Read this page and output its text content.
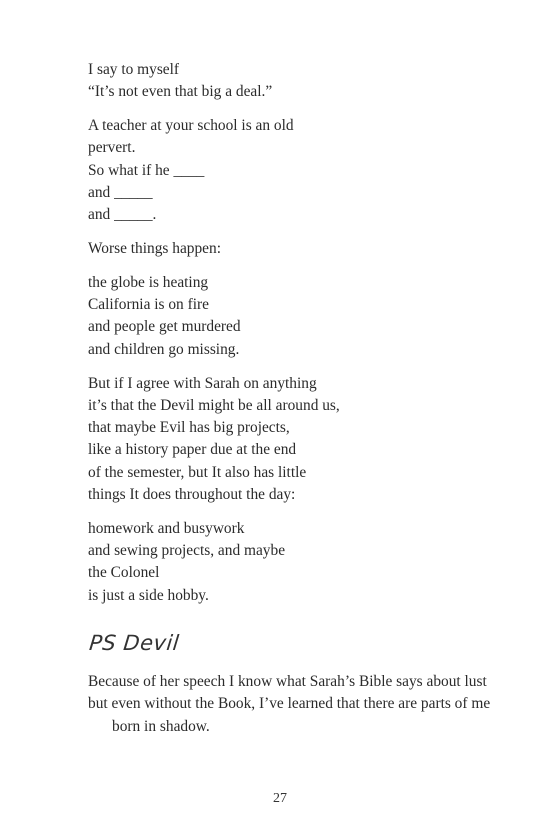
I say to myself
“It’s not even that big a deal.”
A teacher at your school is an old
pervert.
So what if he ____
and _____
and _____.
Worse things happen:
the globe is heating
California is on fire
and people get murdered
and children go missing.
But if I agree with Sarah on anything
it’s that the Devil might be all around us,
that maybe Evil has big projects,
like a history paper due at the end
of the semester, but It also has little
things It does throughout the day:
homework and busywork
and sewing projects, and maybe
the Colonel
is just a side hobby.
PS Devil
Because of her speech I know what Sarah’s Bible says about lust
but even without the Book, I’ve learned that there are parts of me
born in shadow.
27
